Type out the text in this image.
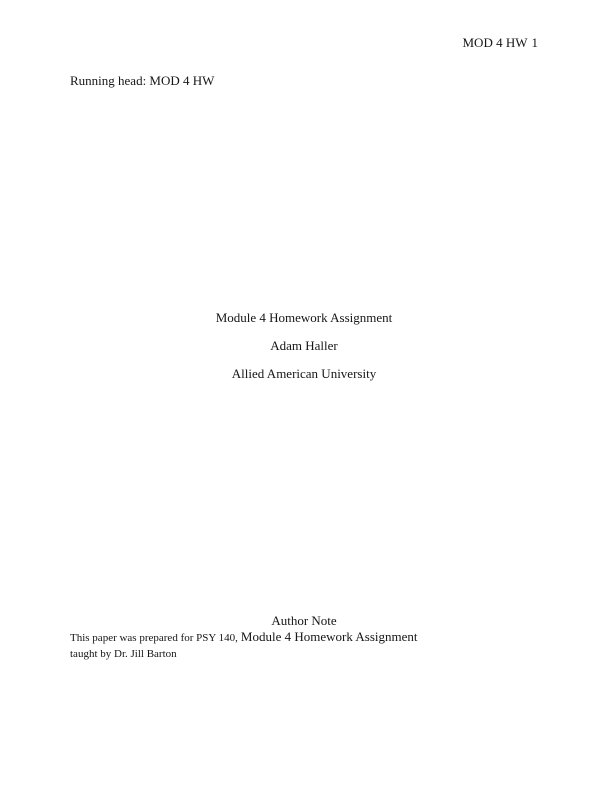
MOD 4 HW 1
Running head: MOD 4 HW
Module 4 Homework Assignment
Adam Haller
Allied American University
Author Note
This paper was prepared for PSY 140, Module 4 Homework Assignment
taught by Dr. Jill Barton
